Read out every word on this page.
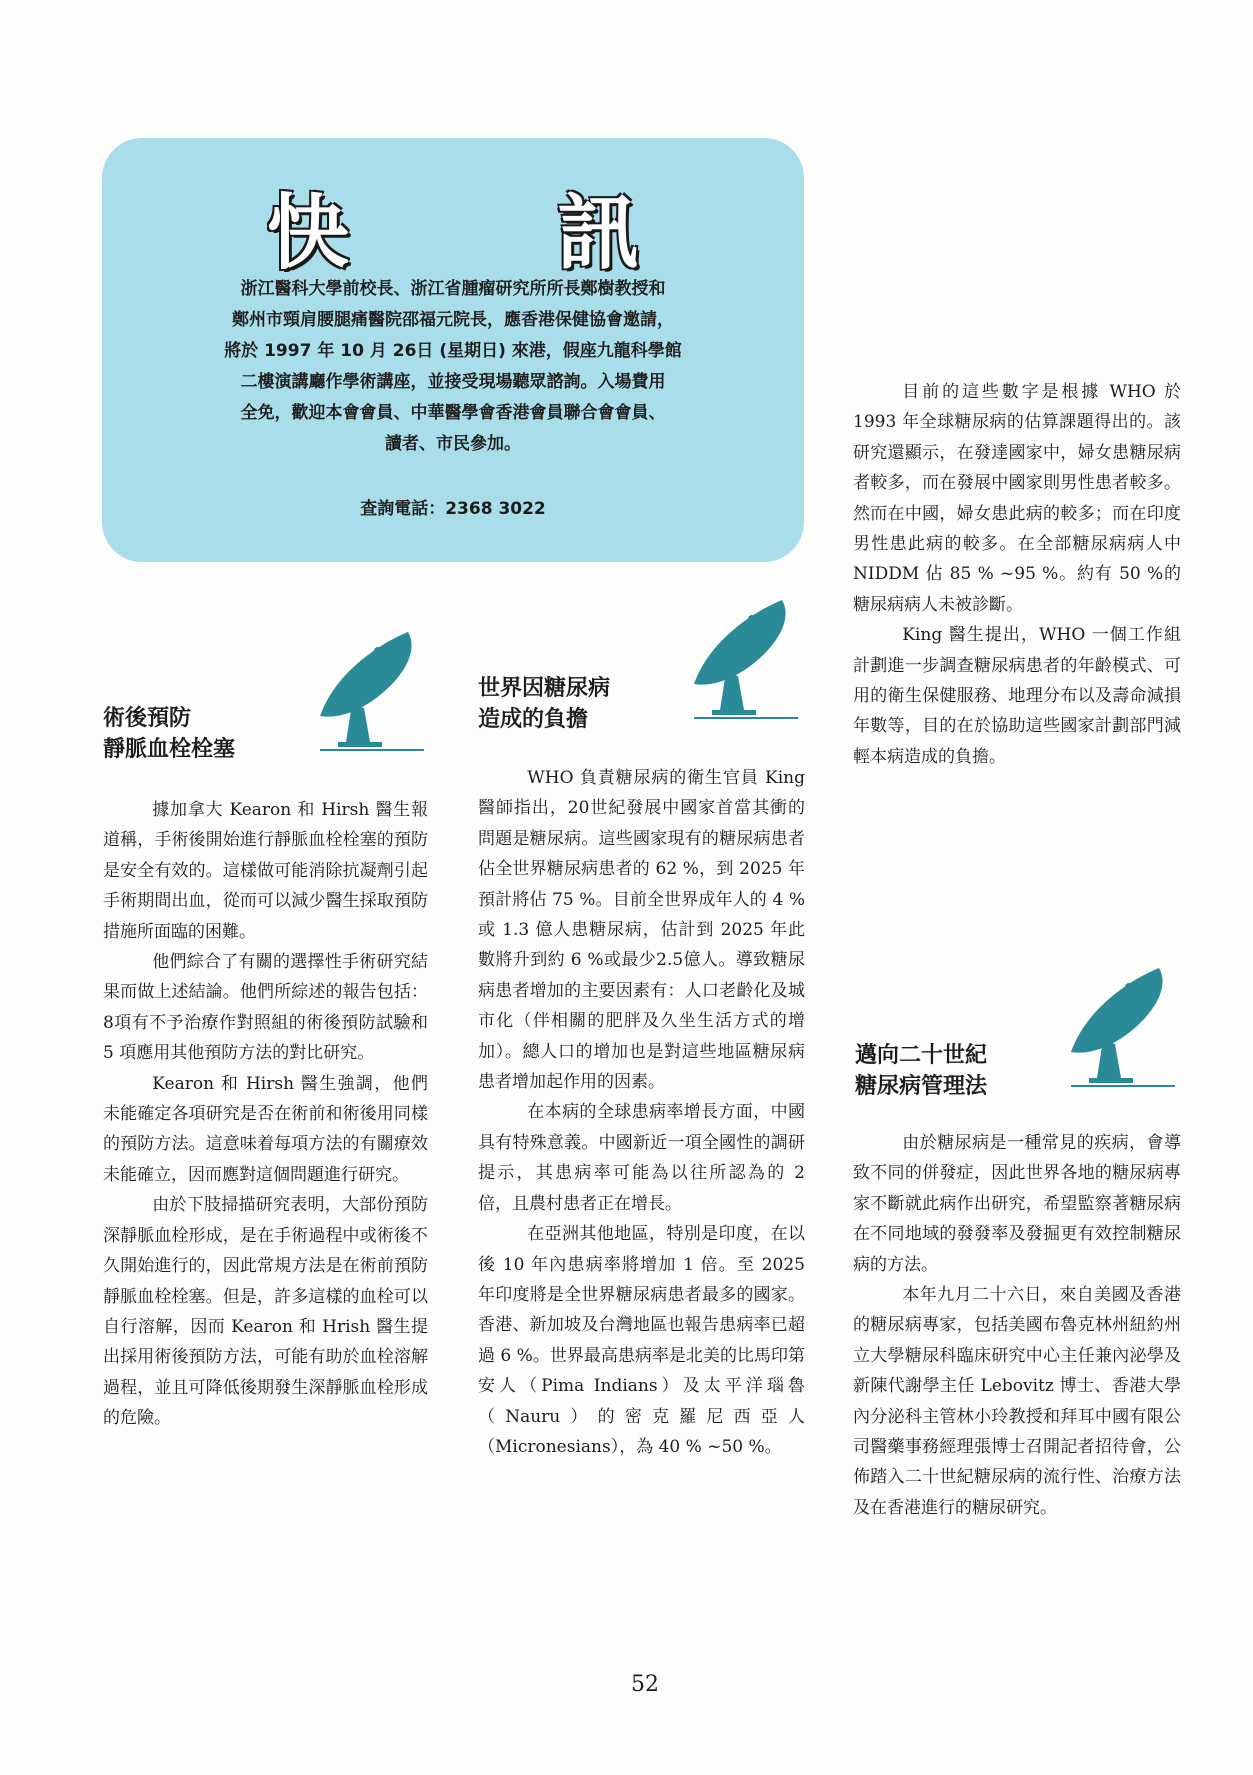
快 訊

浙江醫科大學前校長、浙江省腫瘤研究所所長鄭樹教授和

鄭州市頸肩腰腿痛醫院邵福元院長，應香港保健協會邀請，

將於 1997 年 10 月 26日 (星期日) 來港，假座九龍科學館

二樓演講廳作學術講座，並接受現場聽眾諮詢。入場費用

全免，歡迎本會會員、中華醫學會香港會員聯合會會員、

讀者、市民參加。

查詢電話：2368 3022
術後預防
靜脈血栓栓塞

據加拿大 Kearon 和 Hirsh 醫生報道稱，手術後開始進行靜脈血栓栓塞的預防是安全有效的。這樣做可能消除抗凝劑引起手術期間出血，從而可以減少醫生採取預防措施所面臨的困難。

他們綜合了有關的選擇性手術研究結果而做上述結論。他們所綜述的報告包括：8項有不予治療作對照組的術後預防試驗和 5 項應用其他預防方法的對比研究。

Kearon 和 Hirsh 醫生強調，他們未能確定各項研究是否在術前和術後用同樣的預防方法。這意味着每項方法的有關療效未能確立，因而應對這個問題進行研究。

由於下肢掃描研究表明，大部份預防深靜脈血栓形成，是在手術過程中或術後不久開始進行的，因此常規方法是在術前預防靜脈血栓栓塞。但是，許多這樣的血栓可以自行溶解，因而 Kearon 和 Hrish 醫生提出採用術後預防方法，可能有助於血栓溶解過程，並且可降低後期發生深靜脈血栓形成的危險。

世界因糖尿病
造成的負擔

WHO 負責糖尿病的衛生官員 King 醫師指出，20世紀發展中國家首當其衝的問題是糖尿病。這些國家現有的糖尿病患者佔全世界糖尿病患者的 62 %，到 2025 年預計將佔 75 %。目前全世界成年人的 4 %或 1.3 億人患糖尿病，估計到 2025 年此數將升到約 6 %或最少2.5億人。導致糖尿病患者增加的主要因素有：人口老齡化及城市化（伴相關的肥胖及久坐生活方式的增加）。總人口的增加也是對這些地區糖尿病患者增加起作用的因素。

在本病的全球患病率增長方面，中國具有特殊意義。中國新近一項全國性的調研提示，其患病率可能為以往所認為的 2 倍，且農村患者正在增長。

在亞洲其他地區，特別是印度，在以後 10 年內患病率將增加 1 倍。至 2025 年印度將是全世界糖尿病患者最多的國家。香港、新加坡及台灣地區也報告患病率已超過 6 %。世界最高患病率是北美的比馬印第安人（Pima Indians）及太平洋瑙魯（Nauru）的密克羅尼西亞人（Micronesians），為 40 % ~50 %。

目前的這些數字是根據 WHO 於 1993 年全球糖尿病的估算課題得出的。該研究還顯示，在發達國家中，婦女患糖尿病者較多，而在發展中國家則男性患者較多。然而在中國，婦女患此病的較多；而在印度男性患此病的較多。在全部糖尿病病人中 NIDDM 佔 85 % ~95 %。約有 50 %的糖尿病病人未被診斷。

King 醫生提出，WHO 一個工作組計劃進一步調查糖尿病患者的年齡模式、可用的衛生保健服務、地理分布以及壽命減損年數等，目的在於協助這些國家計劃部門減輕本病造成的負擔。

邁向二十世紀
糖尿病管理法

由於糖尿病是一種常見的疾病，會導致不同的併發症，因此世界各地的糖尿病專家不斷就此病作出研究，希望監察著糖尿病在不同地域的發發率及發掘更有效控制糖尿病的方法。

本年九月二十六日，來自美國及香港的糖尿病專家，包括美國布魯克林州紐約州立大學糖尿科臨床研究中心主任兼內泌學及新陳代謝學主任 Lebovitz 博士、香港大學內分泌科主管林小玲教授和拜耳中國有限公司醫藥事務經理張博士召開記者招待會，公佈踏入二十世紀糖尿病的流行性、治療方法及在香港進行的糖尿研究。

52
